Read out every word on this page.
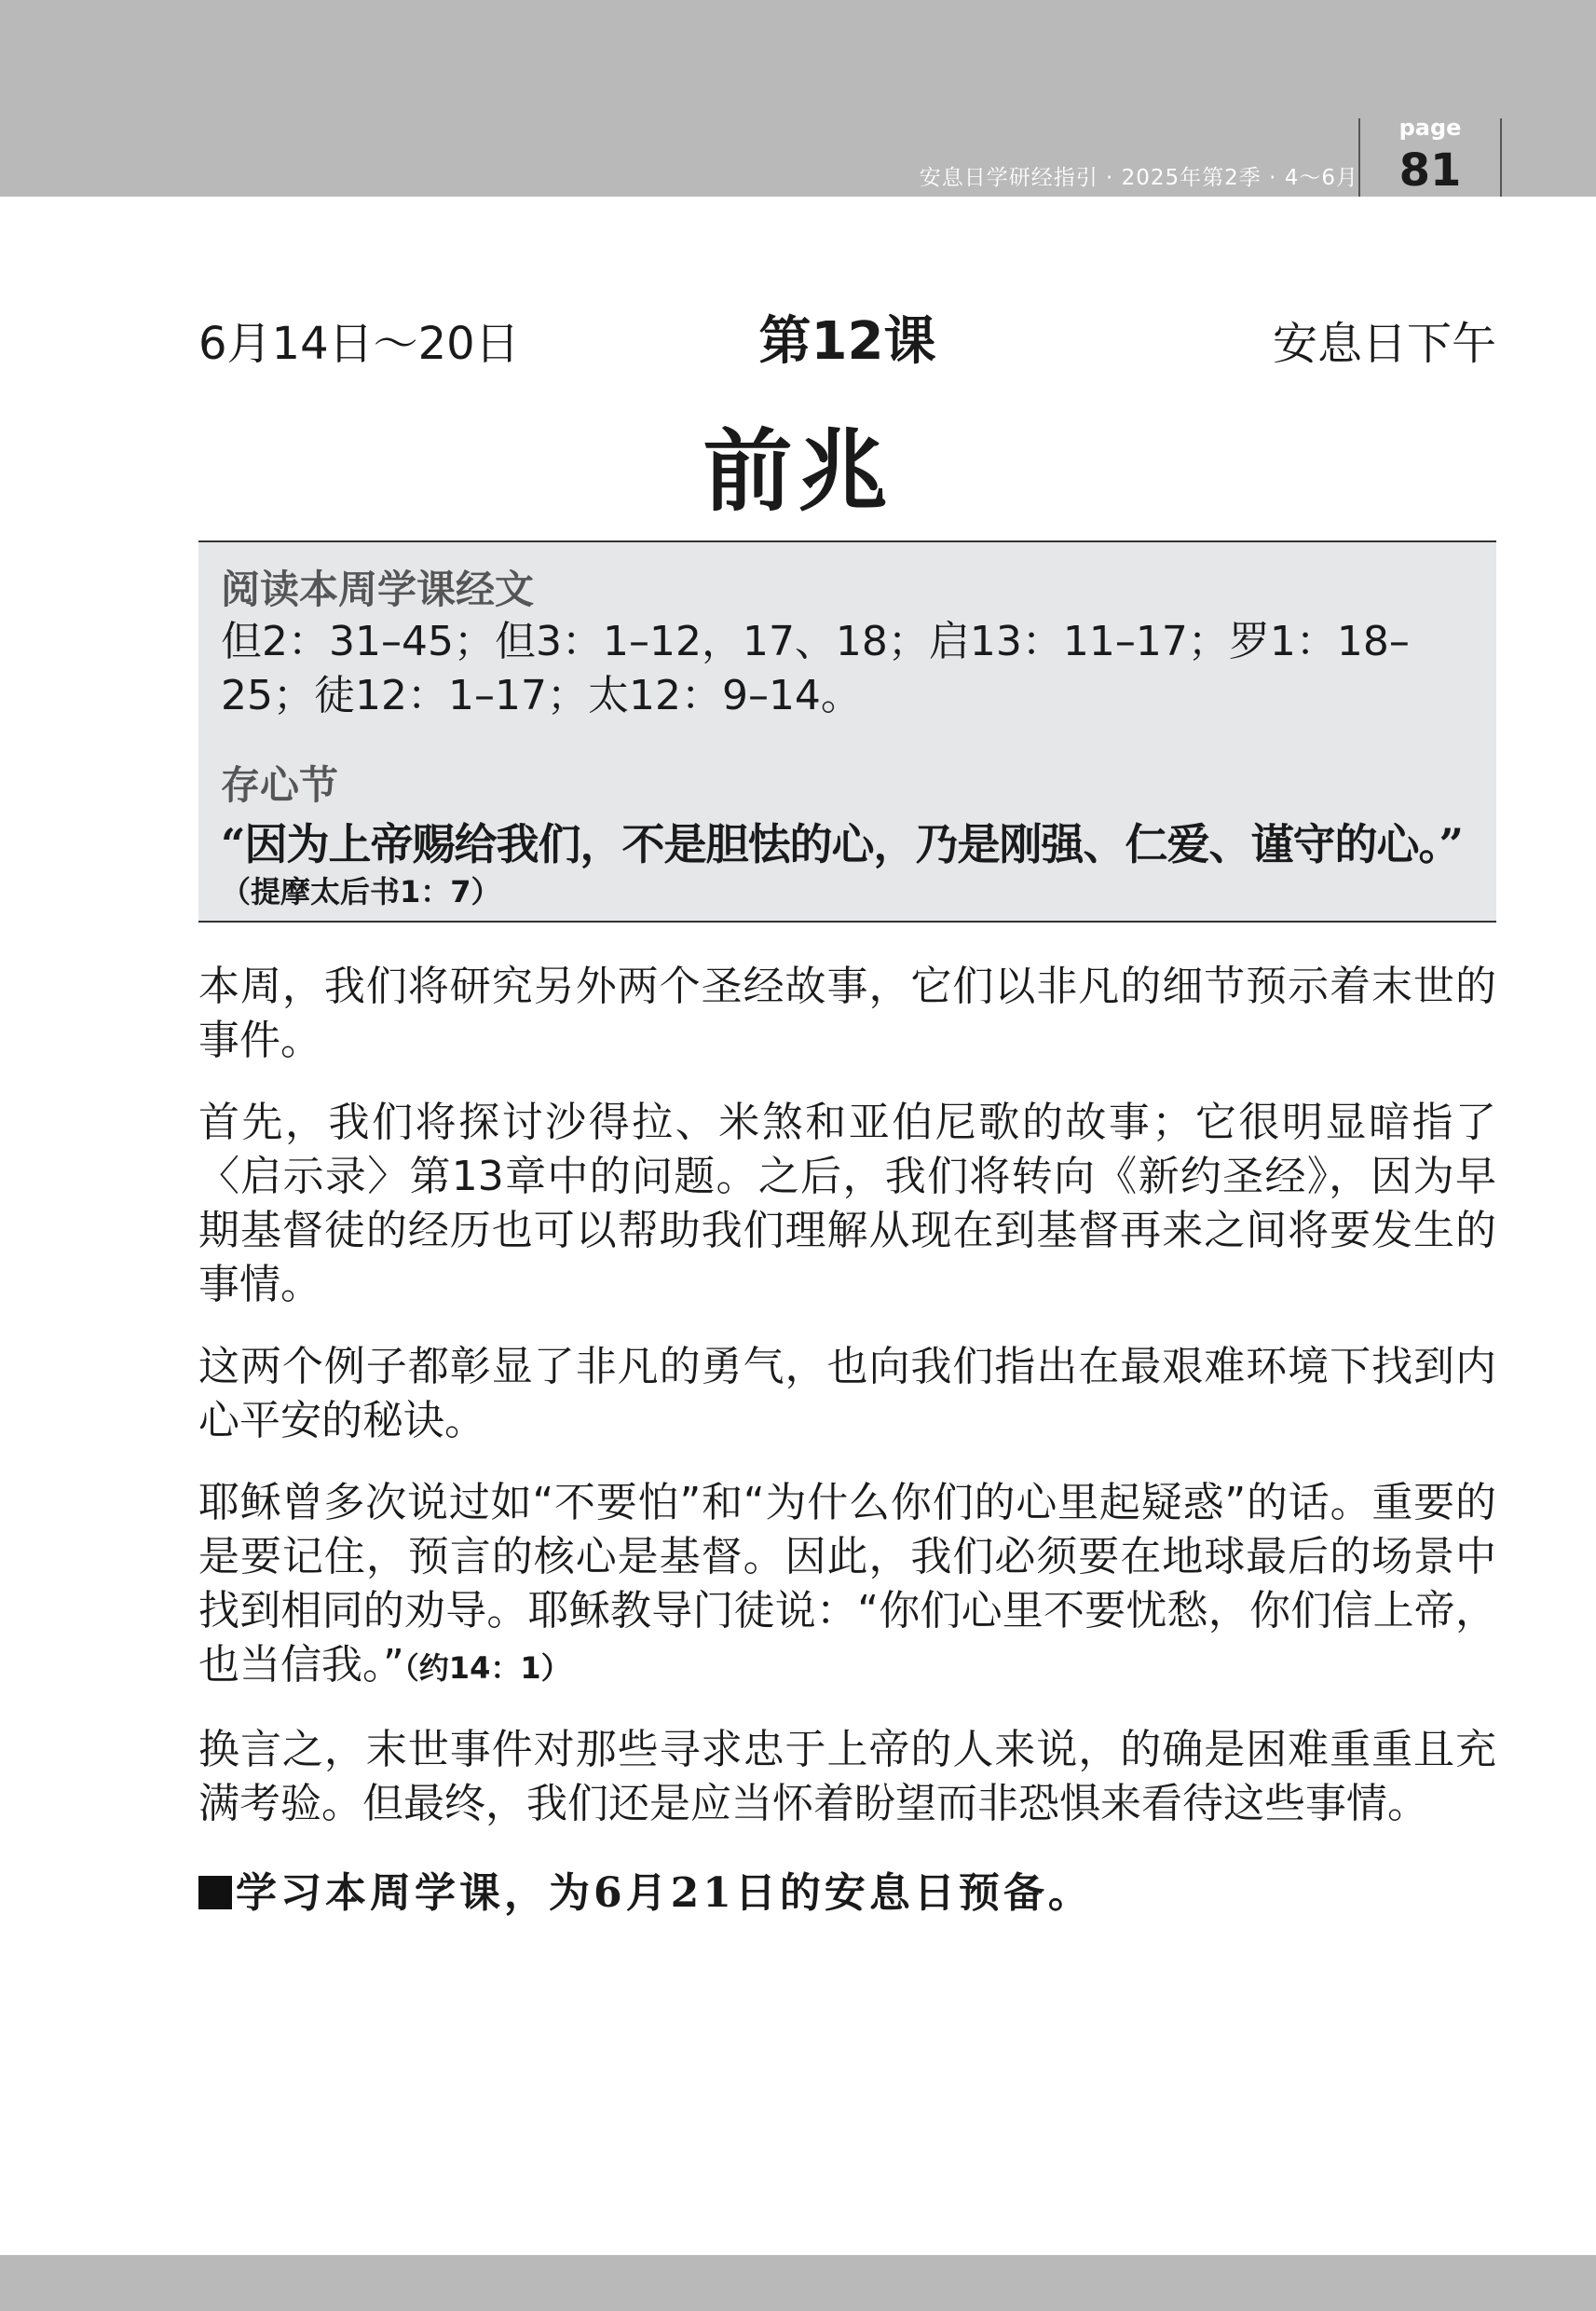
安息日学研经指引 · 2025年第2季 · 4～6月
page
81
6月14日～20日	第12课	安息日下午
前兆
阅读本周学课经文
但2：31–45；但3：1–12，17、18；启13：11–17；罗1：18–25；徒12：1–17；太12：9–14。
存心节
“因为上帝赐给我们，不是胆怯的心，乃是刚强、仁爱、谨守的心。”
（提摩太后书1：7）

本周，我们将研究另外两个圣经故事，它们以非凡的细节预示着末世的事件。

首先，我们将探讨沙得拉、米煞和亚伯尼歌的故事；它很明显暗指了〈启示录〉第13章中的问题。之后，我们将转向《新约圣经》，因为早期基督徒的经历也可以帮助我们理解从现在到基督再来之间将要发生的事情。

这两个例子都彰显了非凡的勇气，也向我们指出在最艰难环境下找到内心平安的秘诀。

耶稣曾多次说过如“不要怕”和“为什么你们的心里起疑惑”的话。重要的是要记住，预言的核心是基督。因此，我们必须要在地球最后的场景中找到相同的劝导。耶稣教导门徒说：“你们心里不要忧愁，你们信上帝，也当信我。”（约14：1）

换言之，末世事件对那些寻求忠于上帝的人来说，的确是困难重重且充满考验。但最终，我们还是应当怀着盼望而非恐惧来看待这些事情。

学习本周学课，为6月21日的安息日预备。
